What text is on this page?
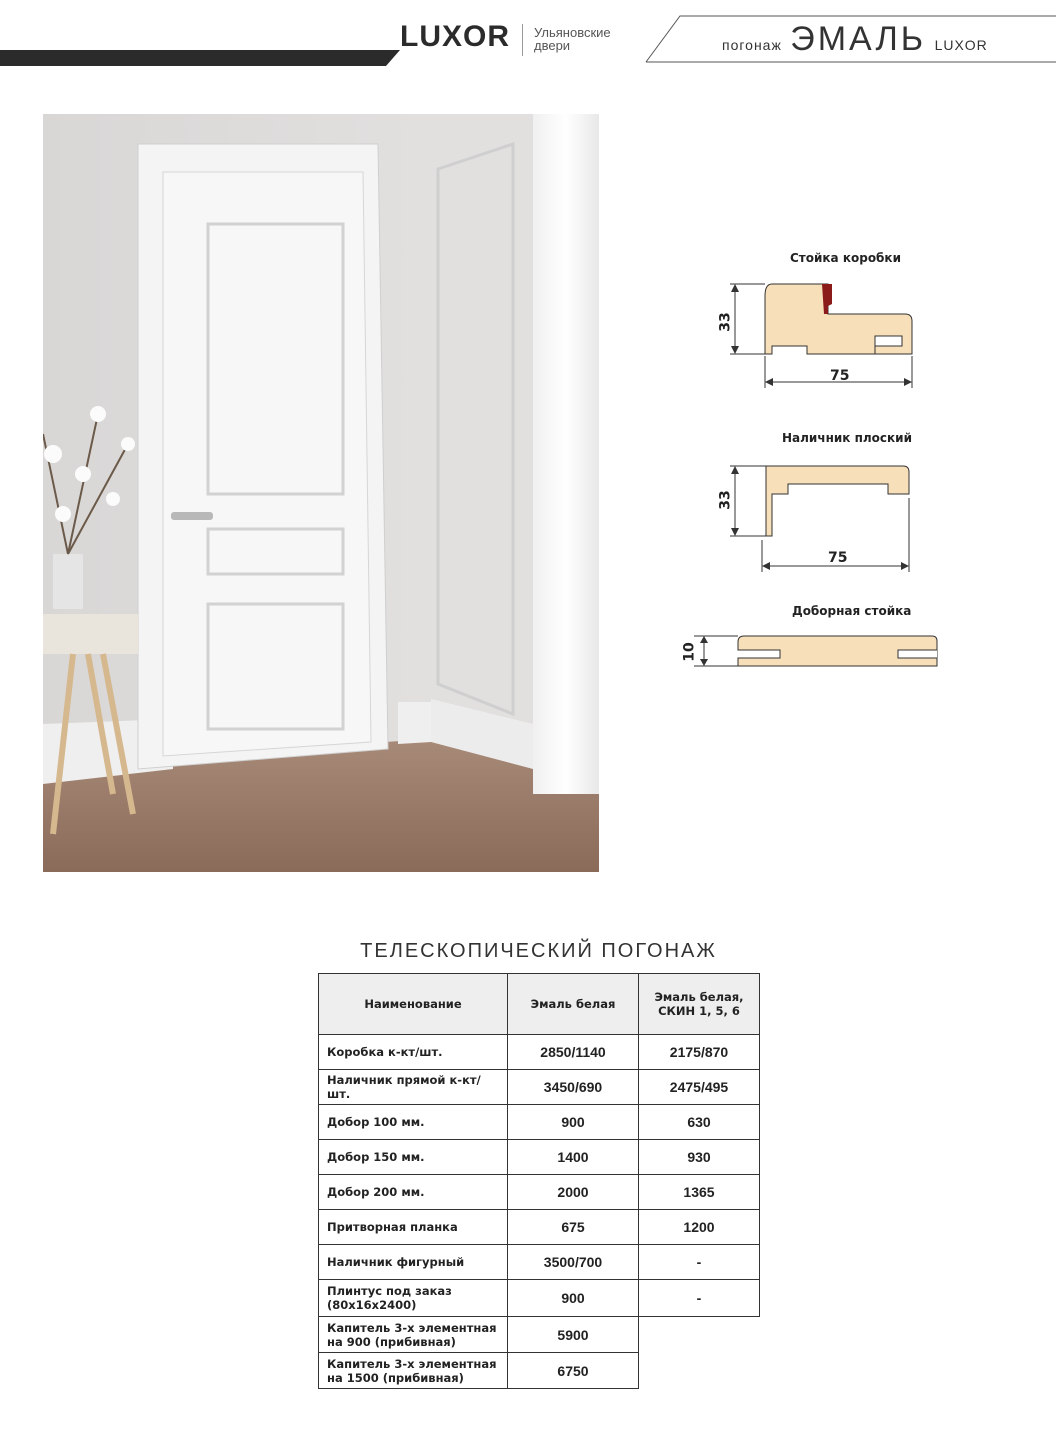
LUXOR Ульяновские двери	погонаж ЭМАЛЬ LUXOR
Стойка коробки
33
75
Наличник плоский
33
75
Доборная стойка
10
ТЕЛЕСКОПИЧЕСКИЙ ПОГОНАЖ
Наименование	Эмаль белая	Эмаль белая, СКИН 1, 5, 6
Коробка к-кт/шт.	2850/1140	2175/870
Наличник прямой к-кт/шт.	3450/690	2475/495
Добор 100 мм.	900	630
Добор 150 мм.	1400	930
Добор 200 мм.	2000	1365
Притворная планка	675	1200
Наличник фигурный	3500/700	-
Плинтус под заказ (80х16х2400)	900	-
Капитель 3-х элементная на 900 (прибивная)	5900	
Капитель 3-х элементная на 1500 (прибивная)	6750	
